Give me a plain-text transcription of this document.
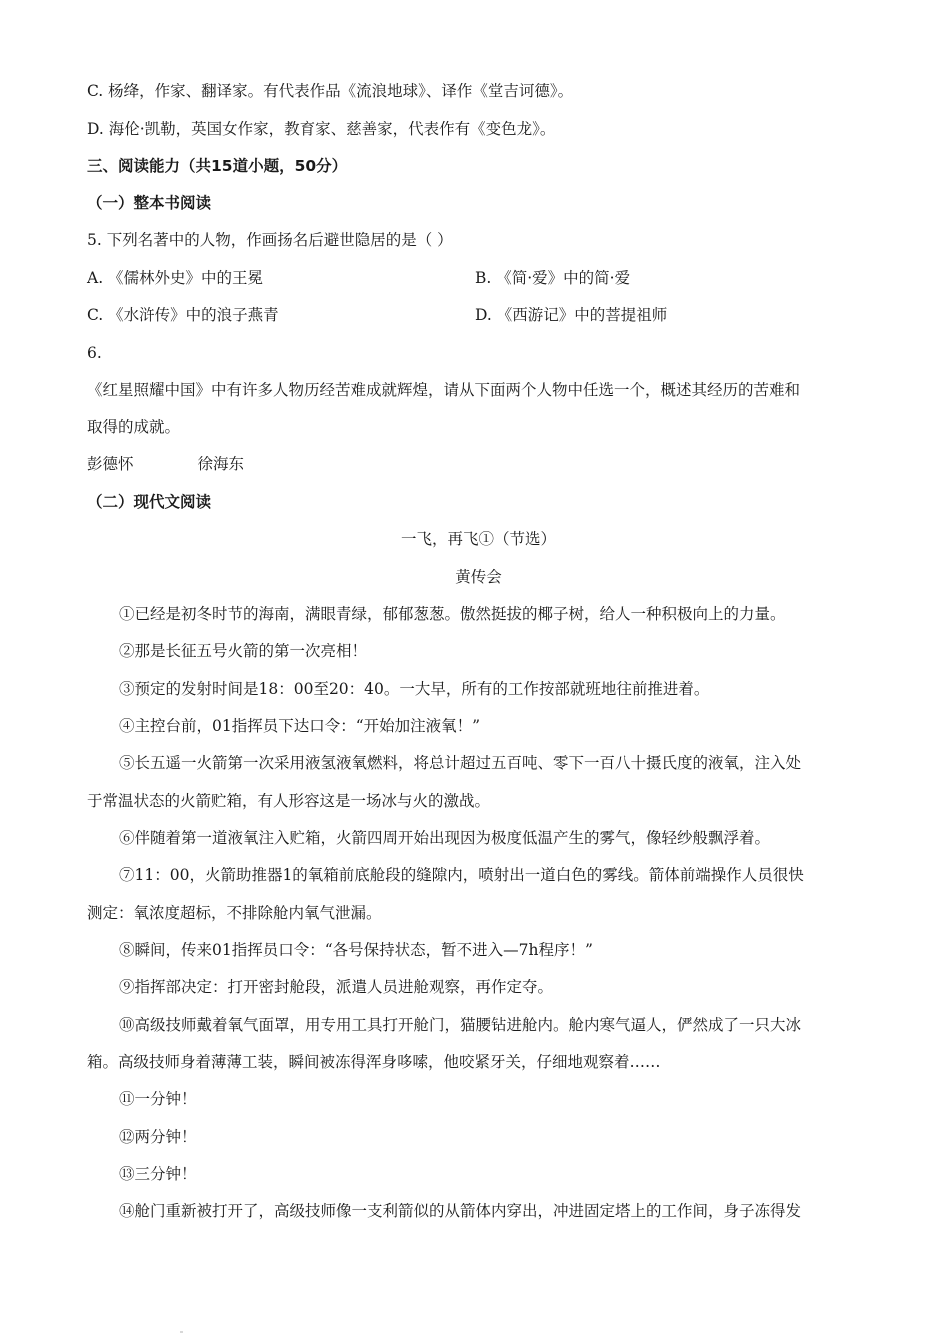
C. 杨绛，作家、翻译家。有代表作品《流浪地球》、译作《堂吉诃德》。
D. 海伦·凯勒，英国女作家，教育家、慈善家，代表作有《变色龙》。
三、阅读能力（共15道小题，50分）
（一）整本书阅读
5. 下列名著中的人物，作画扬名后避世隐居的是（ ）
A. 《儒林外史》中的王冕	B. 《简·爱》中的简·爱
C. 《水浒传》中的浪子燕青	D. 《西游记》中的菩提祖师
6.
《红星照耀中国》中有许多人物历经苦难成就辉煌，请从下面两个人物中任选一个，概述其经历的苦难和
取得的成就。
彭德怀	徐海东
（二）现代文阅读
一飞，再飞①（节选）
黄传会
①已经是初冬时节的海南，满眼青绿，郁郁葱葱。傲然挺拔的椰子树，给人一种积极向上的力量。
②那是长征五号火箭的第一次亮相！
③预定的发射时间是18：00至20：40。一大早，所有的工作按部就班地往前推进着。
④主控台前，01指挥员下达口令：“开始加注液氧！”
⑤长五遥一火箭第一次采用液氢液氧燃料，将总计超过五百吨、零下一百八十摄氏度的液氧，注入处
于常温状态的火箭贮箱，有人形容这是一场冰与火的激战。
⑥伴随着第一道液氧注入贮箱，火箭四周开始出现因为极度低温产生的雾气，像轻纱般飘浮着。
⑦11：00，火箭助推器1的氧箱前底舱段的缝隙内，喷射出一道白色的雾线。箭体前端操作人员很快
测定：氧浓度超标，不排除舱内氧气泄漏。
⑧瞬间，传来01指挥员口令：“各号保持状态，暂不进入—7h程序！”
⑨指挥部决定：打开密封舱段，派遣人员进舱观察，再作定夺。
⑩高级技师戴着氧气面罩，用专用工具打开舱门，猫腰钻进舱内。舱内寒气逼人，俨然成了一只大冰
箱。高级技师身着薄薄工装，瞬间被冻得浑身哆嗦，他咬紧牙关，仔细地观察着……
⑪一分钟！
⑫两分钟！
⑬三分钟！
⑭舱门重新被打开了，高级技师像一支利箭似的从箭体内穿出，冲进固定塔上的工作间，身子冻得发
